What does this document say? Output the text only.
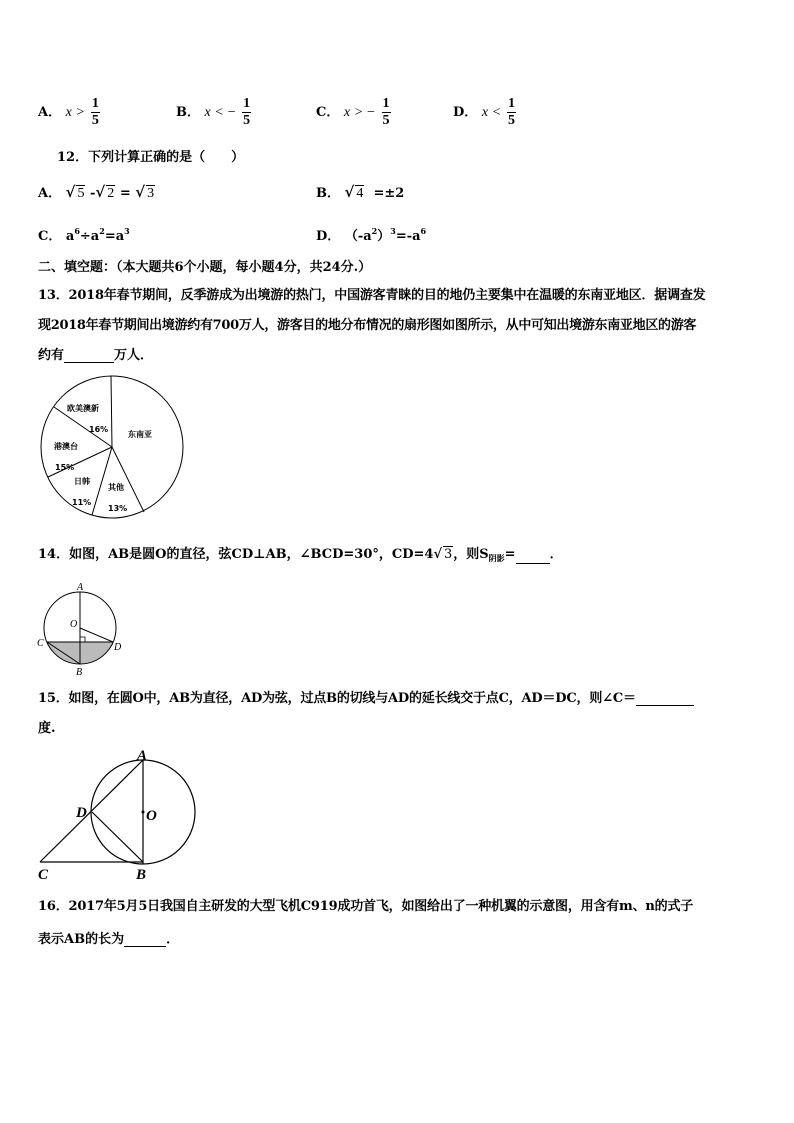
A． $x > \frac{1}{5}$	B． x < − $\frac{1}{5}$	C． x > − $\frac{1}{5}$	D． $x < \frac{1}{5}$
12．下列计算正确的是（　　）
A． √ 5 -√ 2 = √ 3	B． √ 4 =±2
C． $a^6\div a^2=a^3$	D． $(-a^2)^3=-a^6$
二、填空题：（本大题共6个小题，每小题4分，共24分.）
13．2018年春节期间，反季游成为出境游的热门，中国游客青睐的目的地仍主要集中在温暖的东南亚地区．据调查发
现2018年春节期间出境游约有700万人，游客目的地分布情况的扇形图如图所示，从中可知出境游东南亚地区的游客
约有	万人．
欧美澳新
16%
东南亚
其他
13%
日韩
11%
港澳台
15%
14．如图，AB是圆O的直径，弦CD⊥AB，∠BCD=30°，CD=4√ 3，则$S_{阴影}=$	．
A
O
C	D
B
15．如图，在圆O中，AB为直径，AD为弦，过点B的切线与AD的延长线交于点C，AD＝DC，则∠C＝
度.
A
D	O
C	B
16．2017年5月5日我国自主研发的大型飞机C919成功首飞，如图给出了一种机翼的示意图，用含有m、n的式子
表示AB的长为	．
